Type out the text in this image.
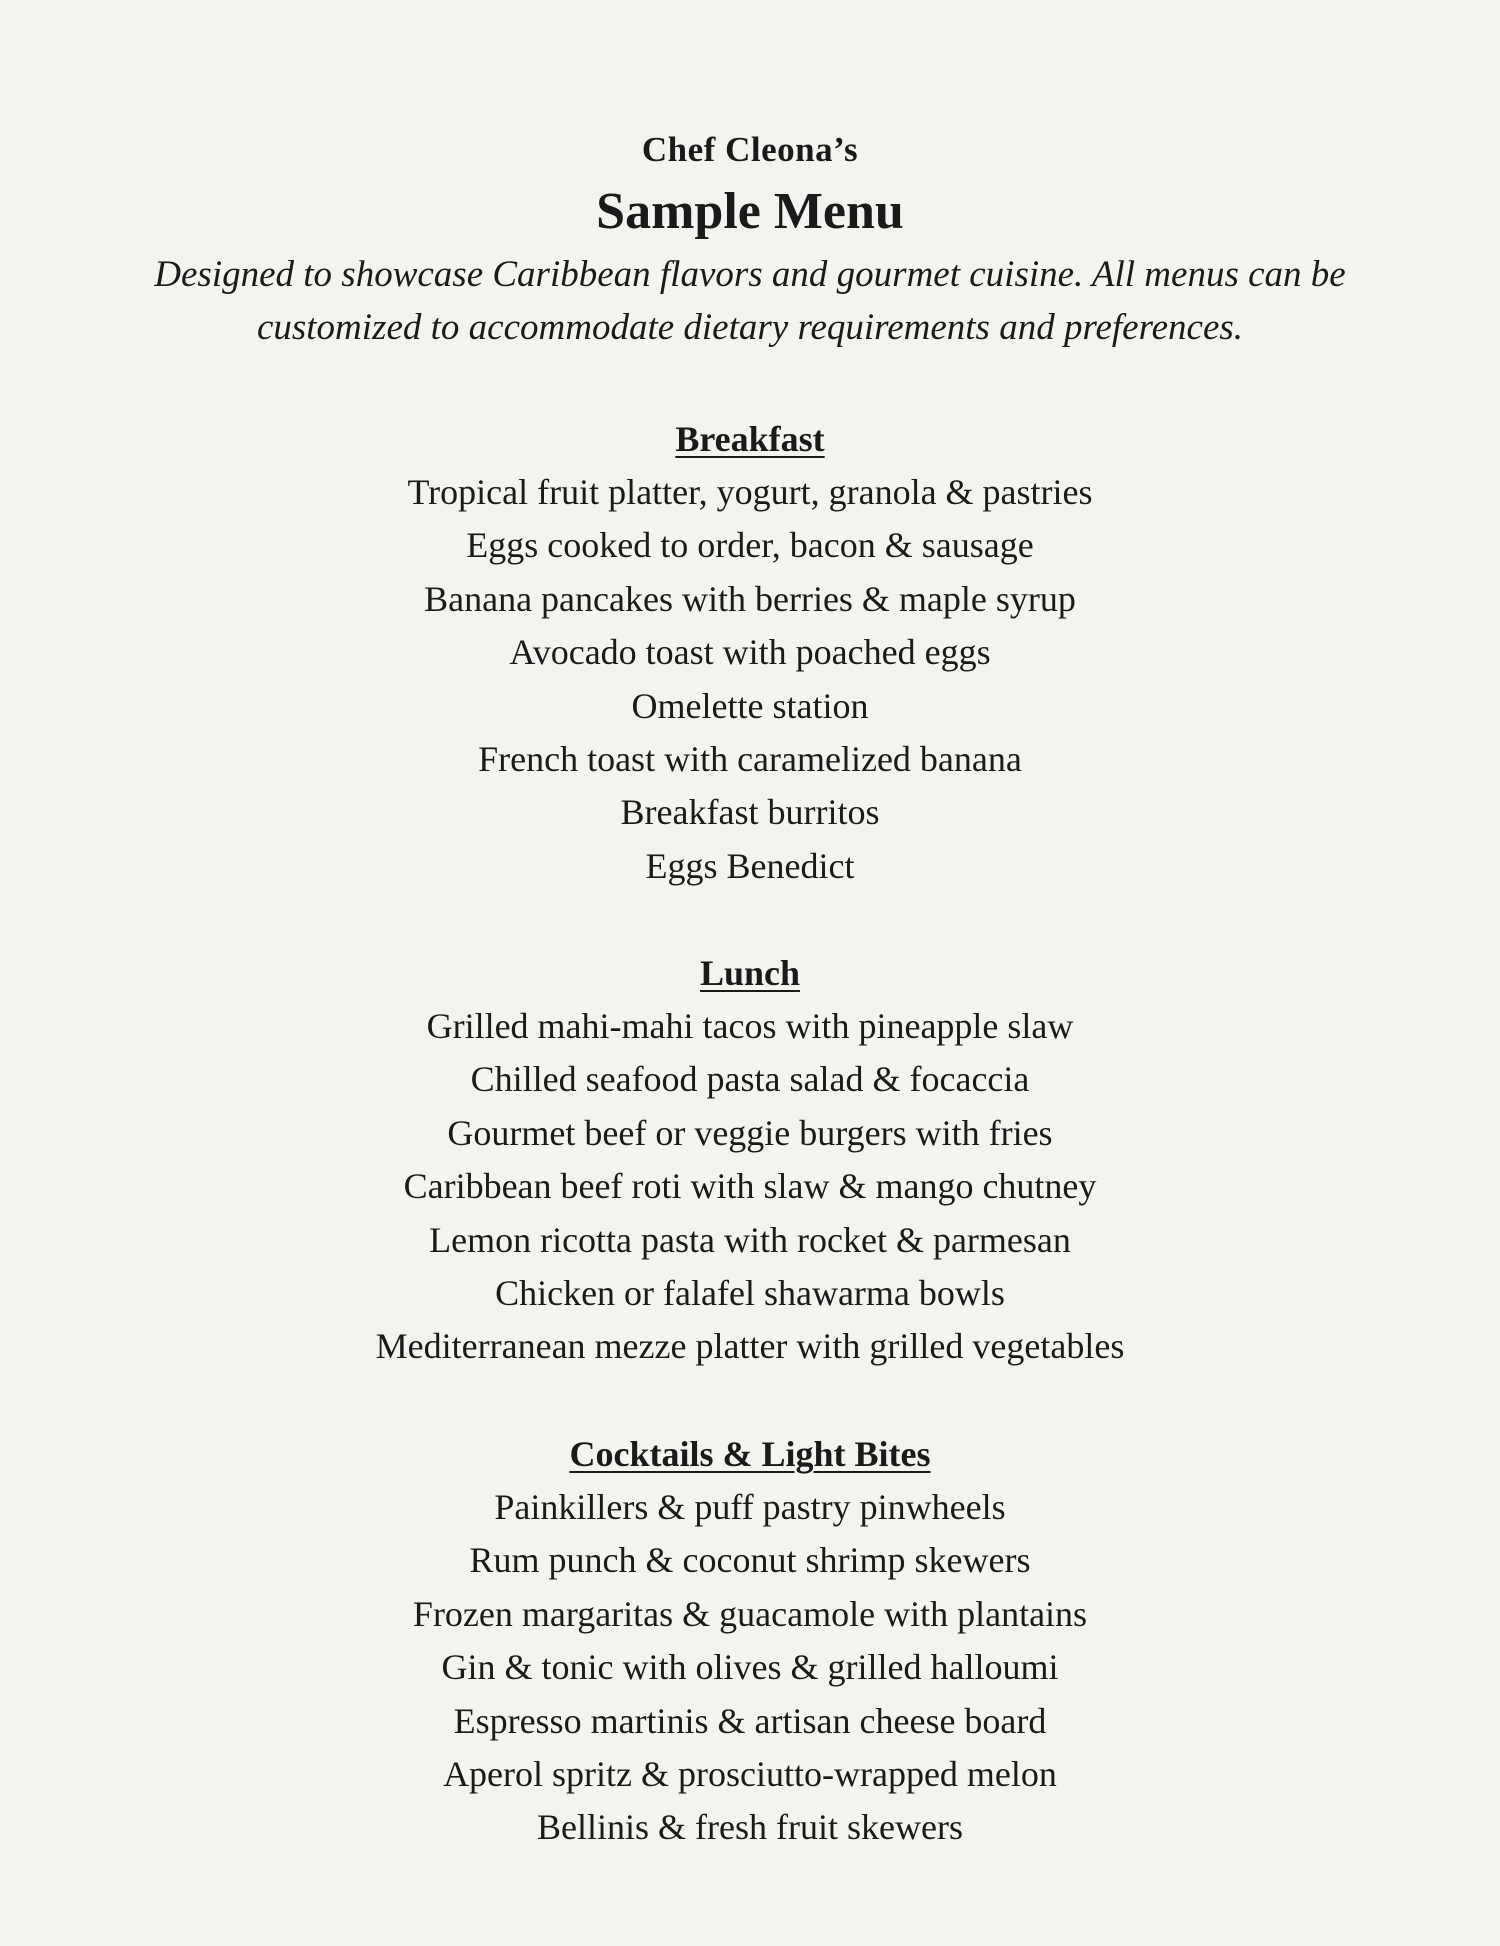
Chef Cleona’s
Sample Menu
Designed to showcase Caribbean flavors and gourmet cuisine. All menus can be customized to accommodate dietary requirements and preferences.
Breakfast
Tropical fruit platter, yogurt, granola & pastries
Eggs cooked to order, bacon & sausage
Banana pancakes with berries & maple syrup
Avocado toast with poached eggs
Omelette station
French toast with caramelized banana
Breakfast burritos
Eggs Benedict
Lunch
Grilled mahi-mahi tacos with pineapple slaw
Chilled seafood pasta salad & focaccia
Gourmet beef or veggie burgers with fries
Caribbean beef roti with slaw & mango chutney
Lemon ricotta pasta with rocket & parmesan
Chicken or falafel shawarma bowls
Mediterranean mezze platter with grilled vegetables
Cocktails & Light Bites
Painkillers & puff pastry pinwheels
Rum punch & coconut shrimp skewers
Frozen margaritas & guacamole with plantains
Gin & tonic with olives & grilled halloumi
Espresso martinis & artisan cheese board
Aperol spritz & prosciutto-wrapped melon
Bellinis & fresh fruit skewers
